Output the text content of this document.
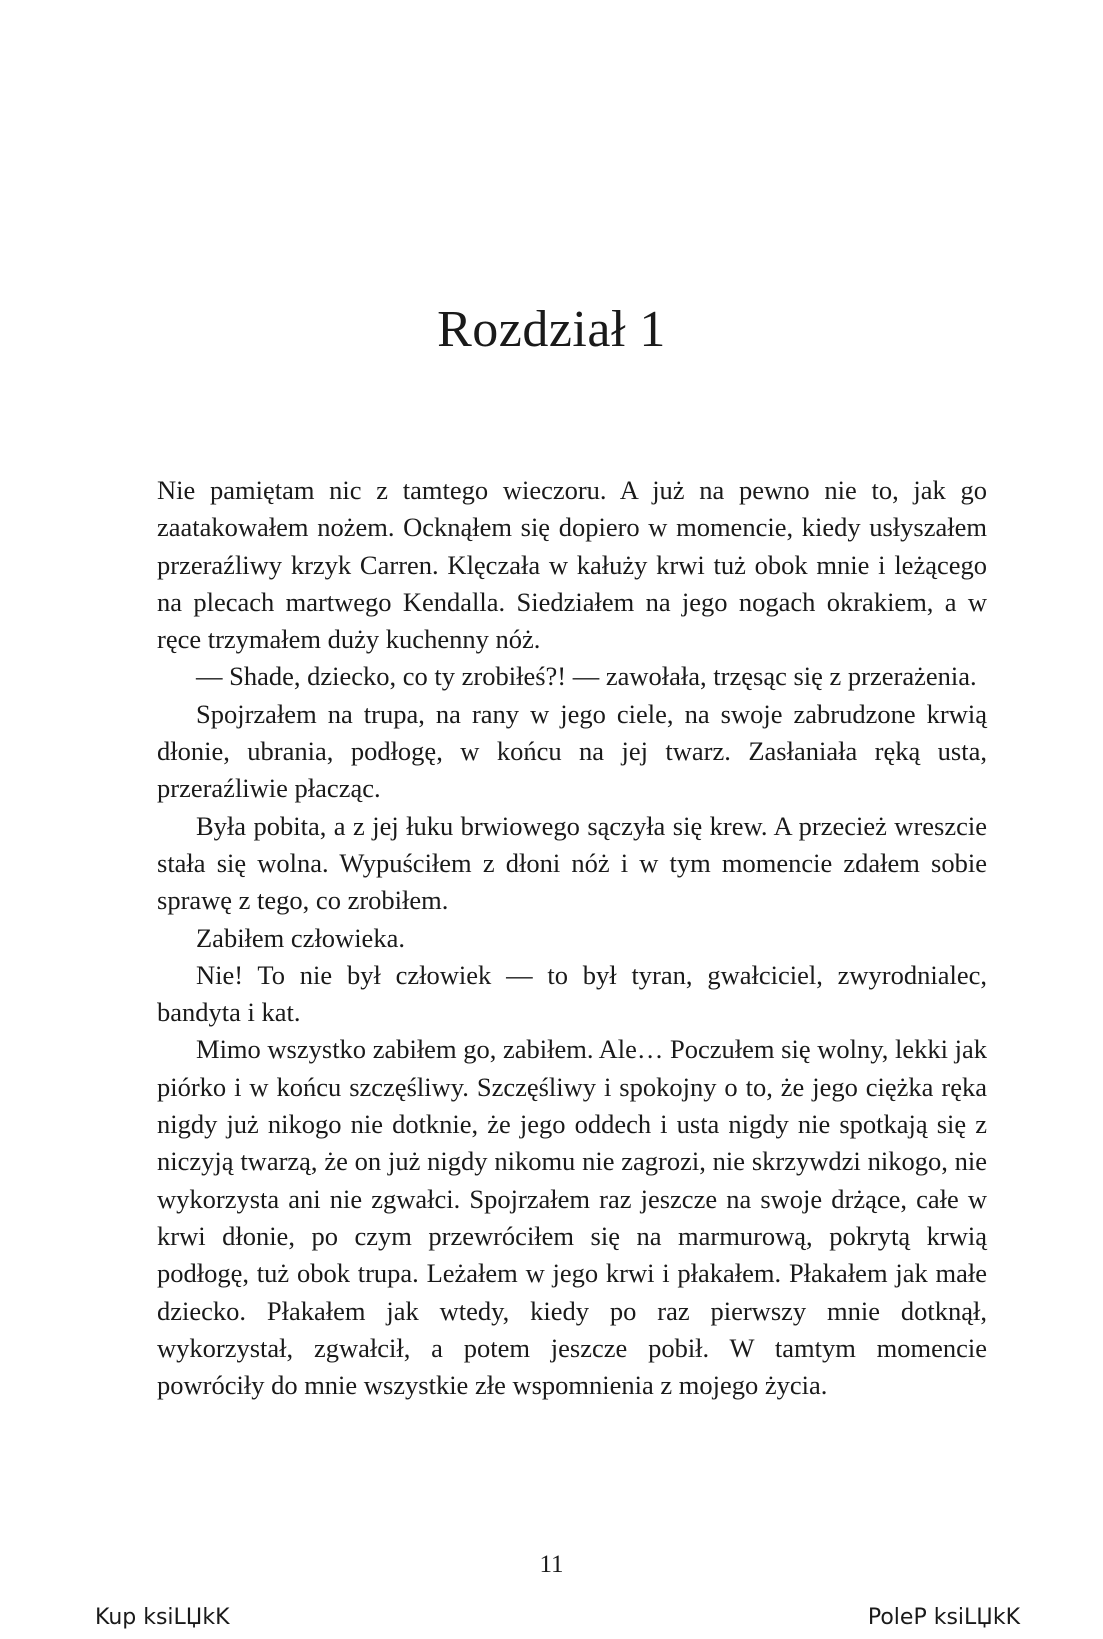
Rozdział 1

Nie pamiętam nic z tamtego wieczoru. A już na pewno nie to, jak go zaatakowałem nożem. Ocknąłem się dopiero w momencie, kiedy usłyszałem przeraźliwy krzyk Carren. Klęczała w kałuży krwi tuż obok mnie i leżącego na plecach martwego Kendalla. Siedziałem na jego nogach okrakiem, a w ręce trzymałem duży kuchenny nóż.

— Shade, dziecko, co ty zrobiłeś?! — zawołała, trzęsąc się z przerażenia.

Spojrzałem na trupa, na rany w jego ciele, na swoje zabrudzone krwią dłonie, ubrania, podłogę, w końcu na jej twarz. Zasłaniała ręką usta, przeraźliwie płacząc.

Była pobita, a z jej łuku brwiowego sączyła się krew. A przecież wreszcie stała się wolna. Wypuściłem z dłoni nóż i w tym momencie zdałem sobie sprawę z tego, co zrobiłem.

Zabiłem człowieka.

Nie! To nie był człowiek — to był tyran, gwałciciel, zwyrodnialec, bandyta i kat.

Mimo wszystko zabiłem go, zabiłem. Ale… Poczułem się wolny, lekki jak piórko i w końcu szczęśliwy. Szczęśliwy i spokojny o to, że jego ciężka ręka nigdy już nikogo nie dotknie, że jego oddech i usta nigdy nie spotkają się z niczyją twarzą, że on już nigdy nikomu nie zagrozi, nie skrzywdzi nikogo, nie wykorzysta ani nie zgwałci. Spojrzałem raz jeszcze na swoje drżące, całe w krwi dłonie, po czym przewróciłem się na marmurową, pokrytą krwią podłogę, tuż obok trupa. Leżałem w jego krwi i płakałem. Płakałem jak małe dziecko. Płakałem jak wtedy, kiedy po raz pierwszy mnie dotknął, wykorzystał, zgwałcił, a potem jeszcze pobił. W tamtym momencie powróciły do mnie wszystkie złe wspomnienia z mojego życia.

11
Kup ksiLЏkK	PoleP ksiLЏkK
